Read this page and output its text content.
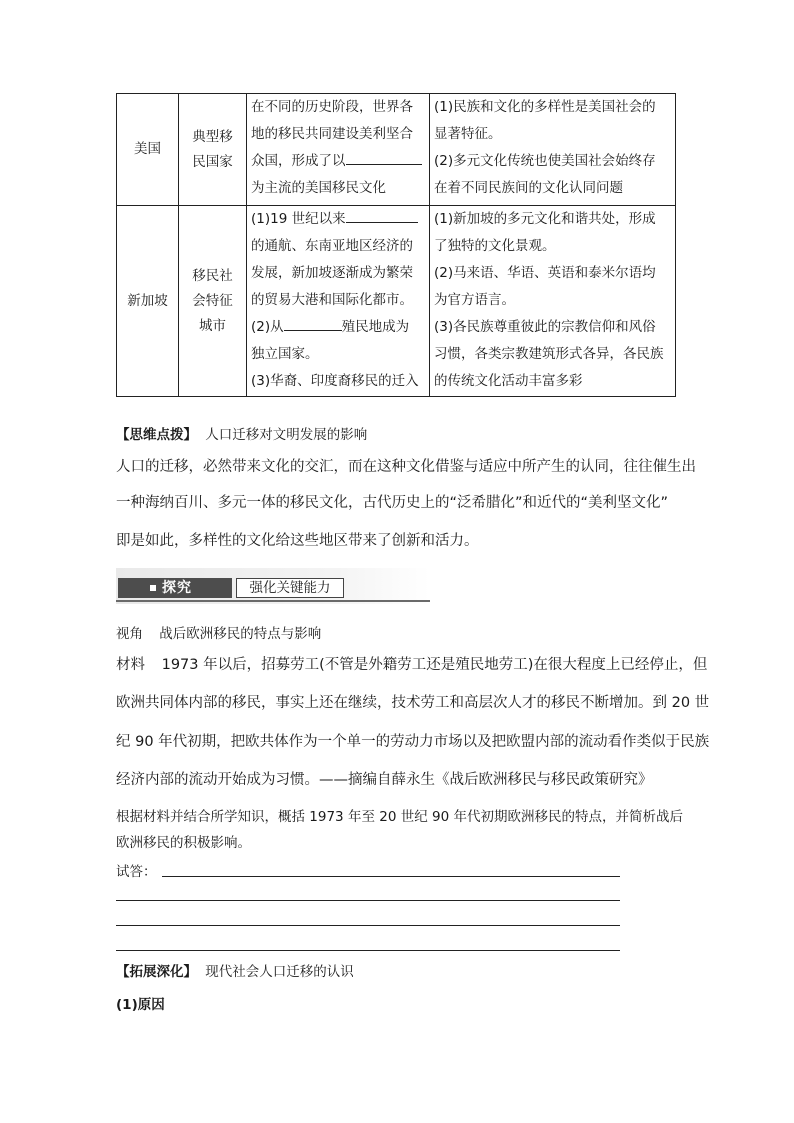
美国
典型移
民国家
在不同的历史阶段，世界各
地的移民共同建设美利坚合
众国，形成了以
为主流的美国移民文化
(1)民族和文化的多样性是美国社会的
显著特征。
(2)多元文化传统也使美国社会始终存
在着不同民族间的文化认同问题
新加坡
移民社
会特征
城市
(1)19 世纪以来
的通航、东南亚地区经济的
发展，新加坡逐渐成为繁荣
的贸易大港和国际化都市。
(2)从	殖民地成为
独立国家。
(3)华裔、印度裔移民的迁入
(1)新加坡的多元文化和谐共处，形成
了独特的文化景观。
(2)马来语、华语、英语和泰米尔语均
为官方语言。
(3)各民族尊重彼此的宗教信仰和风俗
习惯，各类宗教建筑形式各异，各民族
的传统文化活动丰富多彩
【思维点拨】 人口迁移对文明发展的影响
人口的迁移，必然带来文化的交汇，而在这种文化借鉴与适应中所产生的认同，往往催生出
一种海纳百川、多元一体的移民文化，古代历史上的“泛希腊化”和近代的“美利坚文化”
即是如此，多样性的文化给这些地区带来了创新和活力。
探究	强化关键能力
视角 战后欧洲移民的特点与影响
材料 1973 年以后，招募劳工(不管是外籍劳工还是殖民地劳工)在很大程度上已经停止，但
欧洲共同体内部的移民，事实上还在继续，技术劳工和高层次人才的移民不断增加。到 20 世
纪 90 年代初期，把欧共体作为一个单一的劳动力市场以及把欧盟内部的流动看作类似于民族
经济内部的流动开始成为习惯。——摘编自薛永生《战后欧洲移民与移民政策研究》
根据材料并结合所学知识，概括 1973 年至 20 世纪 90 年代初期欧洲移民的特点，并简析战后
欧洲移民的积极影响。
试答：
【拓展深化】 现代社会人口迁移的认识
(1)原因
